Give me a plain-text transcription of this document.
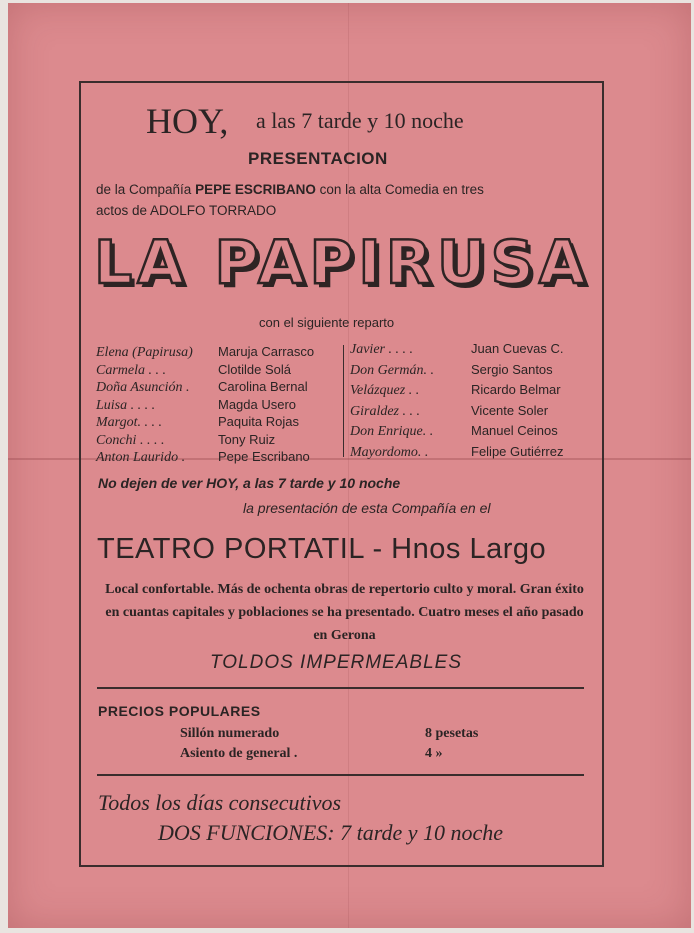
HOY, a las 7 tarde y 10 noche
PRESENTACION
de la Compañía PEPE ESCRIBANO con la alta Comedia en tres
actos de ADOLFO TORRADO
LA PAPIRUSA
con el siguiente reparto
Elena (Papirusa) Maruja Carrasco
Carmela . . .	Clotilde Solá
Doña Asunción . Carolina Bernal
Luisa . . . .	Magda Usero
Margot. . . .	Paquita Rojas
Conchi . . . .	Tony Ruiz
Anton Laurido .	Pepe Escribano
Javier . . . .	Juan Cuevas C.
Don Germán. .	Sergio Santos
Velázquez . .	Ricardo Belmar
Giraldez . . .	Vicente Soler
Don Enrique. .	Manuel Ceinos
Mayordomo. .	Felipe Gutiérrez
No dejen de ver HOY, a las 7 tarde y 10 noche
la presentación de esta Compañía en el
TEATRO PORTATIL - Hnos Largo
Local confortable. Más de ochenta obras de repertorio culto y moral. Gran éxito en cuantas capitales y poblaciones se ha presentado. Cuatro meses el año pasado en Gerona
TOLDOS IMPERMEABLES
PRECIOS POPULARES
Sillón numerado	8 pesetas
Asiento de general .	4 »
Todos los días consecutivos
DOS FUNCIONES: 7 tarde y 10 noche
